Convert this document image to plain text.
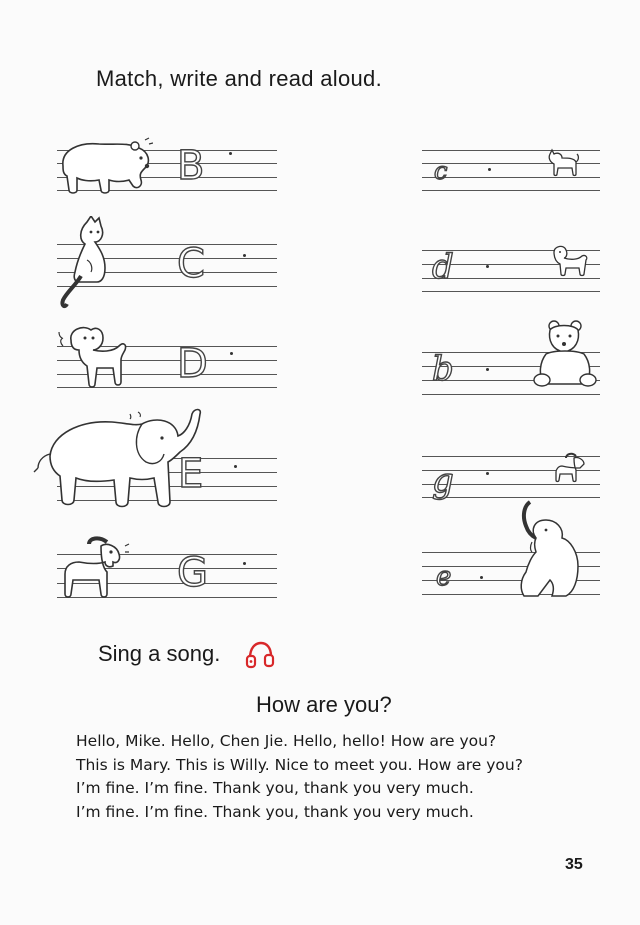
Match, write and read aloud.
B
C
D
E
G
c
d
b
g
e
Sing a song.
How are you?
Hello, Mike. Hello, Chen Jie. Hello, hello! How are you?
This is Mary. This is Willy. Nice to meet you. How are you?
I’m fine. I’m fine. Thank you, thank you very much.
I’m fine. I’m fine. Thank you, thank you very much.
35
